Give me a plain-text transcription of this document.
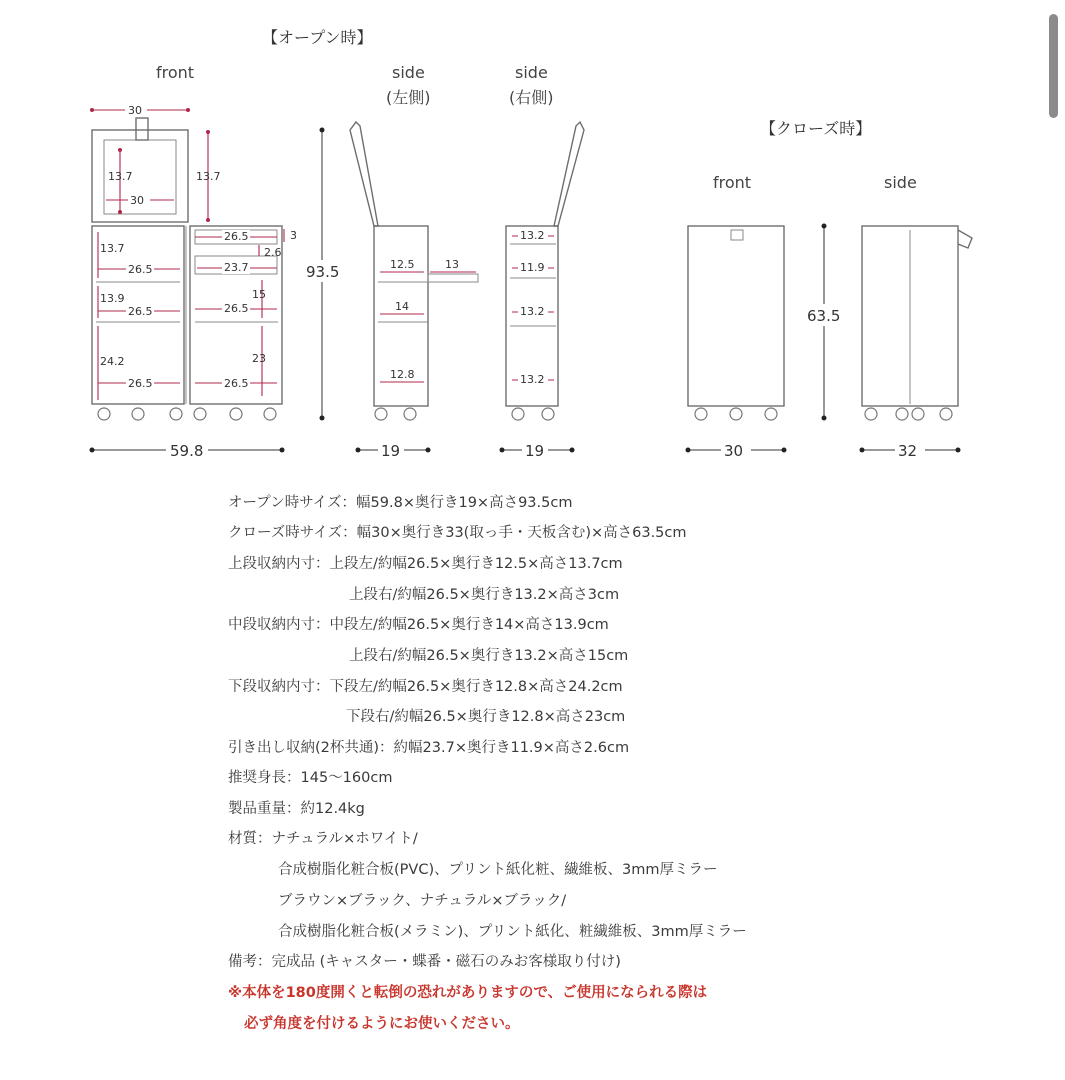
【オープン時】
【クローズ時】
front	side
(左側)
side
(右側)
front	side
30
13.7
30
13.7
13.7
26.5
13.9
26.5
24.2
26.5
26.5	3
2.6
23.7
15
26.5
23
26.5
59.8
93.5	12.5	13
14
12.8
19
13.2
11.9
13.2
13.2
19	30
63.5
32
オープン時サイズ：幅59.8×奥行き19×高さ93.5cm
クローズ時サイズ：幅30×奥行き33(取っ手・天板含む)×高さ63.5cm
上段収納内寸：上段左/約幅26.5×奥行き12.5×高さ13.7cm
上段右/約幅26.5×奥行き13.2×高さ3cm
中段収納内寸：中段左/約幅26.5×奥行き14×高さ13.9cm
上段右/約幅26.5×奥行き13.2×高さ15cm
下段収納内寸：下段左/約幅26.5×奥行き12.8×高さ24.2cm
下段右/約幅26.5×奥行き12.8×高さ23cm
引き出し収納(2杯共通)：約幅23.7×奥行き11.9×高さ2.6cm
推奨身長：145〜160cm
製品重量：約12.4kg
材質：ナチュラル×ホワイト/
合成樹脂化粧合板(PVC)、プリント紙化粧、繊維板、3mm厚ミラー
ブラウン×ブラック、ナチュラル×ブラック/
合成樹脂化粧合板(メラミン)、プリント紙化、粧繊維板、3mm厚ミラー
備考：完成品 (キャスター・蝶番・磁石のみお客様取り付け)
※本体を180度開くと転倒の恐れがありますので、ご使用になられる際は
必ず角度を付けるようにお使いください。
